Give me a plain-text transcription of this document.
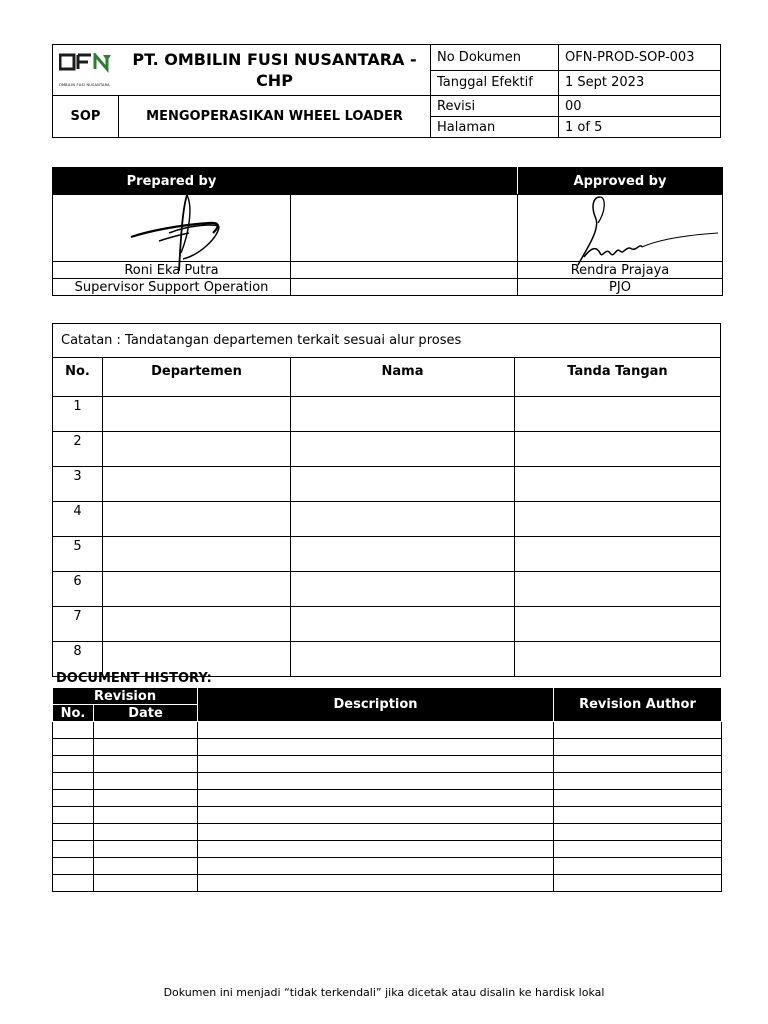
OMBILIN FUSI NUSANTARA
PT. OMBILIN FUSI NUSANTARA - CHP		No Dokumen	OFN-PROD-SOP-003
		Tanggal Efektif	1 Sept 2023
SOP	MENGOPERASIKAN WHEEL LOADER	Revisi	00
		Halaman	1 of 5
Prepared by		Approved by

Roni Eka Putra		Rendra Prajaya
Supervisor Support Operation		PJO
Catatan : Tandatangan departemen terkait sesuai alur proses			
No.	Departemen	Nama	Tanda Tangan
1			
2			
3			
4			
5			
6			
7			
8			
DOCUMENT HISTORY:
Revision		Description	Revision Author
No.	Date		

Dokumen ini menjadi “tidak terkendali” jika dicetak atau disalin ke hardisk lokal
